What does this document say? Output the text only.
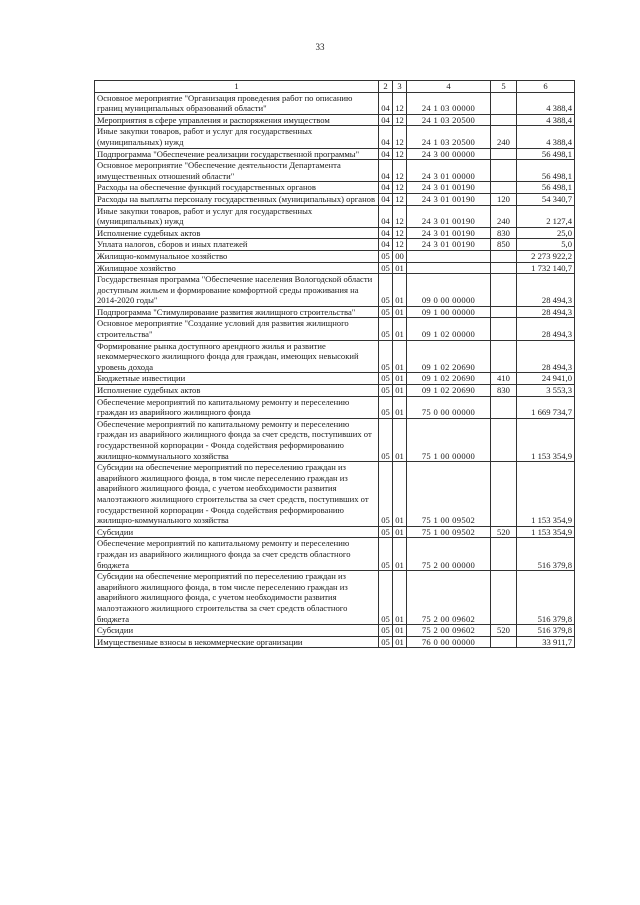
33
1	2	3	4	5	6
Основное мероприятие "Организация проведения работ по описанию границ муниципальных образований области"	04	12	24 1 03 00000		4 388,4
Мероприятия в сфере управления и распоряжения имуществом	04	12	24 1 03 20500		4 388,4
Иные закупки товаров, работ и услуг для государственных (муниципальных) нужд	04	12	24 1 03 20500	240	4 388,4
Подпрограмма "Обеспечение реализации государственной программы"	04	12	24 3 00 00000		56 498,1
Основное мероприятие "Обеспечение деятельности Департамента имущественных отношений области"	04	12	24 3 01 00000		56 498,1
Расходы на обеспечение функций государственных органов	04	12	24 3 01 00190		56 498,1
Расходы на выплаты персоналу государственных (муниципальных) органов	04	12	24 3 01 00190	120	54 340,7
Иные закупки товаров, работ и услуг для государственных (муниципальных) нужд	04	12	24 3 01 00190	240	2 127,4
Исполнение судебных актов	04	12	24 3 01 00190	830	25,0
Уплата налогов, сборов и иных платежей	04	12	24 3 01 00190	850	5,0
Жилищно-коммунальное хозяйство	05	00			2 273 922,2
Жилищное хозяйство	05	01			1 732 140,7
Государственная программа "Обеспечение населения Вологодской области доступным жильем и формирование комфортной среды проживания на 2014-2020 годы"	05	01	09 0 00 00000		28 494,3
Подпрограмма "Стимулирование развития жилищного строительства"	05	01	09 1 00 00000		28 494,3
Основное мероприятие "Создание условий для развития жилищного строительства"	05	01	09 1 02 00000		28 494,3
Формирование рынка доступного арендного жилья и развитие некоммерческого жилищного фонда для граждан, имеющих невысокий уровень дохода	05	01	09 1 02 20690		28 494,3
Бюджетные инвестиции	05	01	09 1 02 20690	410	24 941,0
Исполнение судебных актов	05	01	09 1 02 20690	830	3 553,3
Обеспечение мероприятий по капитальному ремонту и переселению граждан из аварийного жилищного фонда	05	01	75 0 00 00000		1 669 734,7
Обеспечение мероприятий по капитальному ремонту и переселению граждан из аварийного жилищного фонда за счет средств, поступивших от государственной корпорации - Фонда содействия реформированию жилищно-коммунального хозяйства	05	01	75 1 00 00000		1 153 354,9
Субсидии на обеспечение мероприятий по переселению граждан из аварийного жилищного фонда, в том числе переселению граждан из аварийного жилищного фонда, с учетом необходимости развития малоэтажного жилищного строительства за счет средств, поступивших от государственной корпорации - Фонда содействия реформированию жилищно-коммунального хозяйства	05	01	75 1 00 09502		1 153 354,9
Субсидии	05	01	75 1 00 09502	520	1 153 354,9
Обеспечение мероприятий по капитальному ремонту и переселению граждан из аварийного жилищного фонда за счет средств областного бюджета	05	01	75 2 00 00000		516 379,8
Субсидии на обеспечение мероприятий по переселению граждан из аварийного жилищного фонда, в том числе переселению граждан из аварийного жилищного фонда, с учетом необходимости развития малоэтажного жилищного строительства за счет средств областного бюджета	05	01	75 2 00 09602		516 379,8
Субсидии	05	01	75 2 00 09602	520	516 379,8
Имущественные взносы в некоммерческие организации	05	01	76 0 00 00000		33 911,7
